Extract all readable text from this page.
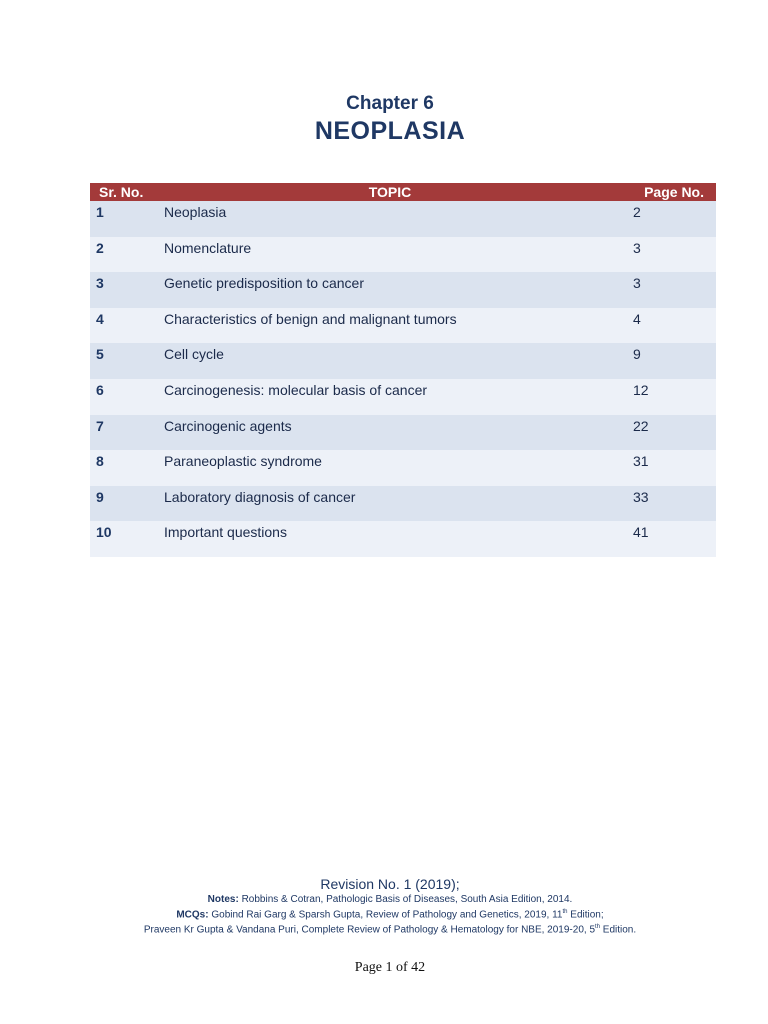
Chapter 6
NEOPLASIA
Sr. No.	TOPIC	Page No.
1	Neoplasia	2
2	Nomenclature	3
3	Genetic predisposition to cancer	3
4	Characteristics of benign and malignant tumors	4
5	Cell cycle	9
6	Carcinogenesis: molecular basis of cancer	12
7	Carcinogenic agents	22
8	Paraneoplastic syndrome	31
9	Laboratory diagnosis of cancer	33
10	Important questions	41
Revision No. 1 (2019);
Notes: Robbins & Cotran, Pathologic Basis of Diseases, South Asia Edition, 2014.
MCQs: Gobind Rai Garg & Sparsh Gupta, Review of Pathology and Genetics, 2019, 11th Edition;
Praveen Kr Gupta & Vandana Puri, Complete Review of Pathology & Hematology for NBE, 2019-20, 5th Edition.
Page 1 of 42
